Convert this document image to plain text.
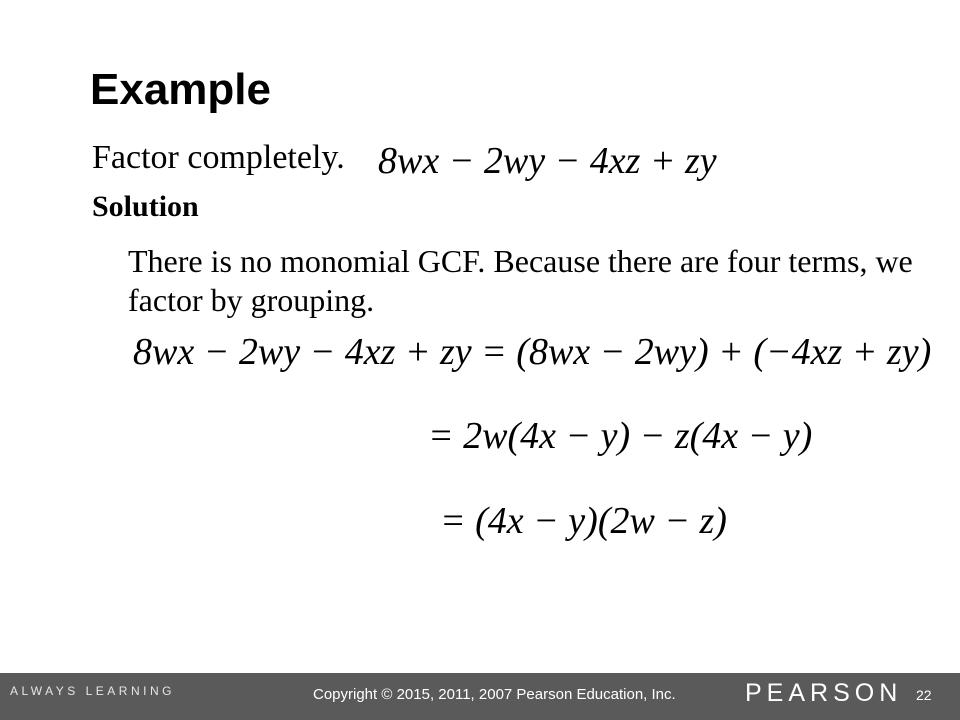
Example
Factor completely. 8wx − 2wy − 4xz + zy
Solution
There is no monomial GCF. Because there are four terms, we factor by grouping.
8wx − 2wy − 4xz + zy = (8wx − 2wy) + (−4xz + zy)
= 2w(4x − y) − z(4x − y)
= (4x − y)(2w − z)
ALWAYS LEARNING	Copyright © 2015, 2011, 2007 Pearson Education, Inc.	PEARSON 22
